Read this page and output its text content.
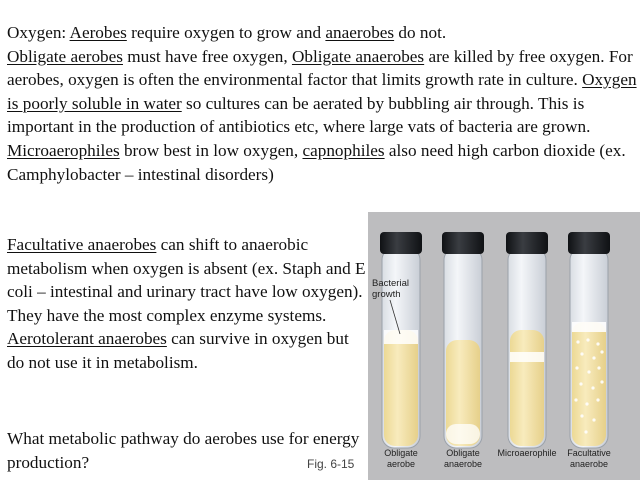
Oxygen: Aerobes require oxygen to grow and anaerobes do not.
Obligate aerobes must have free oxygen, Obligate anaerobes are killed by free oxygen. For aerobes, oxygen is often the environmental factor that limits growth rate in culture. Oxygen is poorly soluble in water so cultures can be aerated by bubbling air through. This is important in the production of antibiotics etc, where large vats of bacteria are grown. Microaerophiles brow best in low oxygen, capnophiles also need high carbon dioxide (ex. Camphylobacter – intestinal disorders)

Facultative anaerobes can shift to anaerobic metabolism when oxygen is absent (ex. Staph and E coli – intestinal and urinary tract have low oxygen). They have the most complex enzyme systems. Aerotolerant anaerobes can survive in oxygen but do not use it in metabolism.

What metabolic pathway do aerobes use for energy production?

Bacterial
growth
Obligate
aerobe
Obligate
anaerobe
Microaerophile Facultative
anaerobe
Fig. 6-15
